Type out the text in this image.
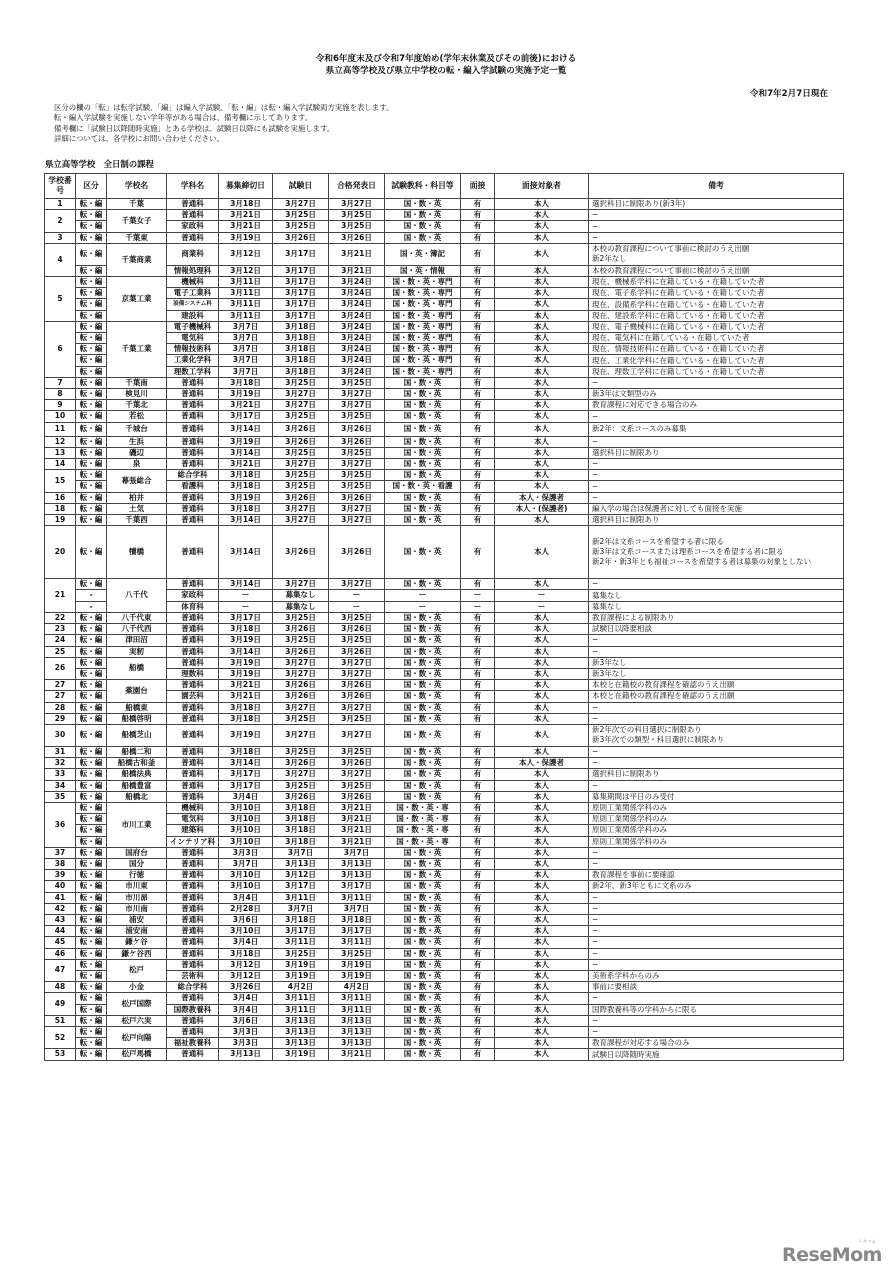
令和6年度末及び令和7年度始め(学年末休業及びその前後)における
県立高等学校及び県立中学校の転・編入学試験の実施予定一覧
令和7年2月7日現在
区分の欄の「転」は転学試験、「編」は編入学試験、「転・編」は転・編入学試験両方実施を表します。
転・編入学試験を実施しない学年等がある場合は、備考欄に示してあります。
備考欄に「試験日以降随時実施」とある学校は、試験日以降にも試験を実施します。
詳細については、各学校にお問い合わせください。
県立高等学校　全日制の課程
学校番号	区分	学校名	学科名	募集締切日	試験日	合格発表日	試験教科・科目等	面接	面接対象者	備考
1	転・編	千葉	普通科	3月18日	3月27日	3月27日	国・数・英	有	本人	選択科目に制限あり(新3年)
2	転・編	千葉女子	普通科	3月21日	3月25日	3月25日	国・数・英	有	本人	−
	転・編		家政科	3月21日	3月25日	3月25日	国・数・英	有	本人	−
3	転・編	千葉東	普通科	3月19日	3月26日	3月26日	国・数・英	有	本人	−
4	転・編	千葉商業	商業科	3月12日	3月17日	3月21日	国・英・簿記	有	本人	本校の教育課程について事前に検討のうえ出願
新2年なし
	転・編		情報処理科	3月12日	3月17日	3月21日	国・英・情報	有	本人	本校の教育課程について事前に検討のうえ出願
5	転・編	京葉工業	機械科	3月11日	3月17日	3月24日	国・数・英・専門	有	本人	現在、機械系学科に在籍している・在籍していた者
	転・編		電子工業科	3月11日	3月17日	3月24日	国・数・英・専門	有	本人	現在、電子系学科に在籍している・在籍していた者
	転・編		設備システム科	3月11日	3月17日	3月24日	国・数・英・専門	有	本人	現在、設備系学科に在籍している・在籍していた者
	転・編		建設科	3月11日	3月17日	3月24日	国・数・英・専門	有	本人	現在、建設系学科に在籍している・在籍していた者
6	転・編	千葉工業	電子機械科	3月7日	3月18日	3月24日	国・数・英・専門	有	本人	現在、電子機械科に在籍している・在籍していた者
	転・編		電気科	3月7日	3月18日	3月24日	国・数・英・専門	有	本人	現在、電気科に在籍している・在籍していた者
	転・編		情報技術科	3月7日	3月18日	3月24日	国・数・英・専門	有	本人	現在、情報技術科に在籍している・在籍していた者
	転・編		工業化学科	3月7日	3月18日	3月24日	国・数・英・専門	有	本人	現在、工業化学科に在籍している・在籍していた者
	転・編		理数工学科	3月7日	3月18日	3月24日	国・数・英・専門	有	本人	現在、理数工学科に在籍している・在籍していた者
7	転・編	千葉南	普通科	3月18日	3月25日	3月25日	国・数・英	有	本人	−
8	転・編	検見川	普通科	3月19日	3月27日	3月27日	国・数・英	有	本人	新3年は文類型のみ
9	転・編	千葉北	普通科	3月21日	3月27日	3月27日	国・数・英	有	本人	教育課程に対応できる場合のみ
10	転・編	若松	普通科	3月17日	3月25日	3月25日	国・数・英	有	本人	−
11	転・編	千城台	普通科	3月14日	3月26日	3月26日	国・数・英	有	本人	新2年：文系コースのみ募集
12	転・編	生浜	普通科	3月19日	3月26日	3月26日	国・数・英	有	本人	−
13	転・編	磯辺	普通科	3月14日	3月25日	3月25日	国・数・英	有	本人	選択科目に制限あり
14	転・編	泉	普通科	3月21日	3月27日	3月27日	国・数・英	有	本人	−
15	転・編	幕張総合	総合学科	3月18日	3月25日	3月25日	国・数・英	有	本人	−
	転・編		看護科	3月18日	3月25日	3月25日	国・数・英・看護	有	本人	−
16	転・編	柏井	普通科	3月19日	3月26日	3月26日	国・数・英	有	本人・保護者	−
18	転・編	土気	普通科	3月18日	3月27日	3月27日	国・数・英	有	本人・(保護者)	編入学の場合は保護者に対しても面接を実施
19	転・編	千葉西	普通科	3月14日	3月27日	3月27日	国・数・英	有	本人	選択科目に制限あり
20	転・編	犢橋	普通科	3月14日	3月26日	3月26日	国・数・英	有	本人	新2年は文系コースを希望する者に限る
新3年は文系コースまたは理系コースを希望する者に限る
新2年・新3年とも福祉コースを希望する者は募集の対象としない
21	転・編	八千代	普通科	3月14日	3月27日	3月27日	国・数・英	有	本人	−
	-		家政科	ー	募集なし	ー	ー	ー	ー	募集なし
	-		体育科	ー	募集なし	ー	ー	ー	ー	募集なし
22	転・編	八千代東	普通科	3月17日	3月25日	3月25日	国・数・英	有	本人	教育課程による制限あり
23	転・編	八千代西	普通科	3月18日	3月26日	3月26日	国・数・英	有	本人	試験日以降要相談
24	転・編	津田沼	普通科	3月19日	3月25日	3月25日	国・数・英	有	本人	−
25	転・編	実籾	普通科	3月14日	3月26日	3月26日	国・数・英	有	本人	−
26	転・編	船橋	普通科	3月19日	3月27日	3月27日	国・数・英	有	本人	新3年なし
	転・編		理数科	3月19日	3月27日	3月27日	国・数・英	有	本人	新3年なし
27	転・編	薬園台	普通科	3月21日	3月26日	3月26日	国・数・英	有	本人	本校と在籍校の教育課程を確認のうえ出願
27	転・編		園芸科	3月21日	3月26日	3月26日	国・数・英	有	本人	本校と在籍校の教育課程を確認のうえ出願
28	転・編	船橋東	普通科	3月18日	3月27日	3月27日	国・数・英	有	本人	−
29	転・編	船橋啓明	普通科	3月18日	3月25日	3月25日	国・数・英	有	本人	−
30	転・編	船橋芝山	普通科	3月19日	3月27日	3月27日	国・数・英	有	本人	新2年次での科目選択に制限あり
新3年次での類型・科目選択に制限あり
31	転・編	船橋二和	普通科	3月18日	3月25日	3月25日	国・数・英	有	本人	−
32	転・編	船橋古和釜	普通科	3月14日	3月26日	3月26日	国・数・英	有	本人・保護者	−
33	転・編	船橋法典	普通科	3月17日	3月27日	3月27日	国・数・英	有	本人	選択科目に制限あり
34	転・編	船橋豊富	普通科	3月17日	3月25日	3月25日	国・数・英	有	本人	−
35	転・編	船橋北	普通科	3月4日	3月26日	3月26日	国・数・英	有	本人	募集期間は平日のみ受付
36	転・編	市川工業	機械科	3月10日	3月18日	3月21日	国・数・英・専	有	本人	原則工業関係学科のみ
	転・編		電気科	3月10日	3月18日	3月21日	国・数・英・専	有	本人	原則工業関係学科のみ
	転・編		建築科	3月10日	3月18日	3月21日	国・数・英・専	有	本人	原則工業関係学科のみ
	転・編		インテリア科	3月10日	3月18日	3月21日	国・数・英・専	有	本人	原則工業関係学科のみ
37	転・編	国府台	普通科	3月3日	3月7日	3月7日	国・数・英	有	本人	−
38	転・編	国分	普通科	3月7日	3月13日	3月13日	国・数・英	有	本人	−
39	転・編	行徳	普通科	3月10日	3月12日	3月13日	国・数・英	有	本人	教育課程を事前に要確認
40	転・編	市川東	普通科	3月10日	3月17日	3月17日	国・数・英	有	本人	新2年、新3年ともに文系のみ
41	転・編	市川昴	普通科	3月4日	3月11日	3月11日	国・数・英	有	本人	−
42	転・編	市川南	普通科	2月28日	3月7日	3月7日	国・数・英	有	本人	−
43	転・編	浦安	普通科	3月6日	3月18日	3月18日	国・数・英	有	本人	−
44	転・編	浦安南	普通科	3月10日	3月17日	3月17日	国・数・英	有	本人	−
45	転・編	鎌ケ谷	普通科	3月4日	3月11日	3月11日	国・数・英	有	本人	−
46	転・編	鎌ケ谷西	普通科	3月18日	3月25日	3月25日	国・数・英	有	本人	−
47	転・編	松戸	普通科	3月12日	3月19日	3月19日	国・数・英	有	本人	−
	転・編		芸術科	3月12日	3月19日	3月19日	国・数・英	有	本人	美術系学科からのみ
48	転・編	小金	総合学科	3月26日	4月2日	4月2日	国・数・英	有	本人	事前に要相談
49	転・編	松戸国際	普通科	3月4日	3月11日	3月11日	国・数・英	有	本人	−
	転・編		国際教養科	3月4日	3月11日	3月11日	国・数・英	有	本人	国際教養科等の学科からに限る
51	転・編	松戸六実	普通科	3月6日	3月13日	3月13日	国・数・英	有	本人	−
52	転・編	松戸向陽	普通科	3月3日	3月13日	3月13日	国・数・英	有	本人	−
	転・編		福祉教養科	3月3日	3月13日	3月13日	国・数・英	有	本人	教育課程が対応する場合のみ
53	転・編	松戸馬橋	普通科	3月13日	3月19日	3月21日	国・数・英	有	本人	試験日以降随時実施
ReseMom
リセマム
